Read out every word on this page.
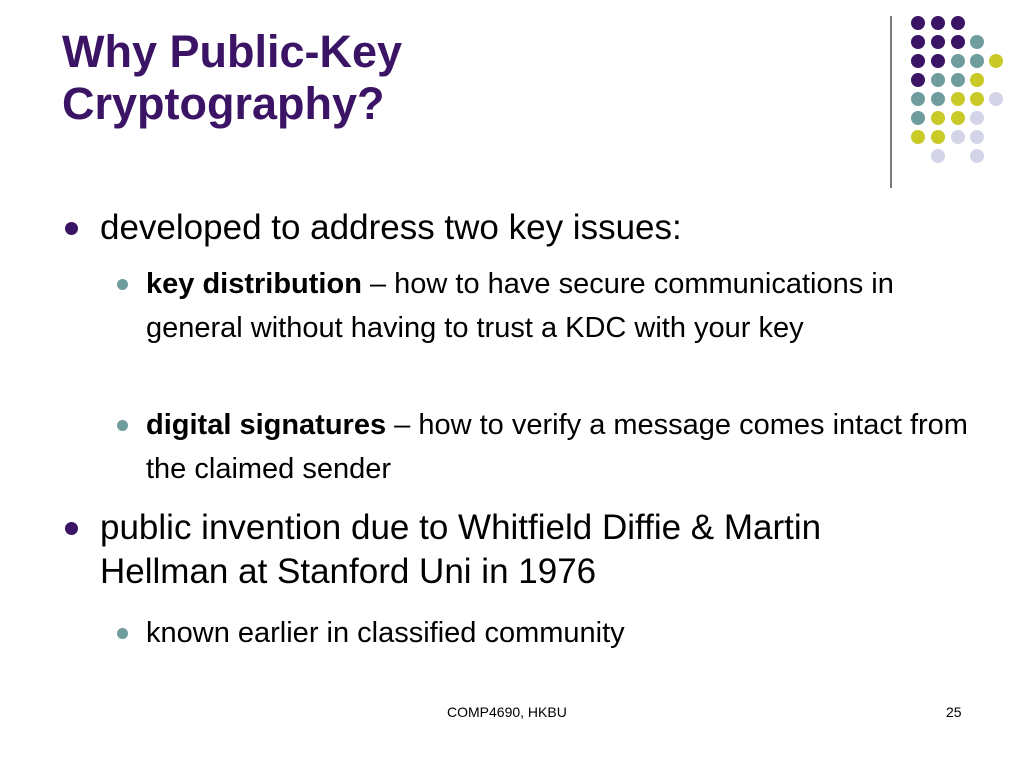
Why Public-Key
Cryptography?
developed to address two key issues:
key distribution – how to have secure communications in general without having to trust a KDC with your key
digital signatures – how to verify a message comes intact from the claimed sender
public invention due to Whitfield Diffie & Martin Hellman at Stanford Uni in 1976
known earlier in classified community
COMP4690, HKBU	25
